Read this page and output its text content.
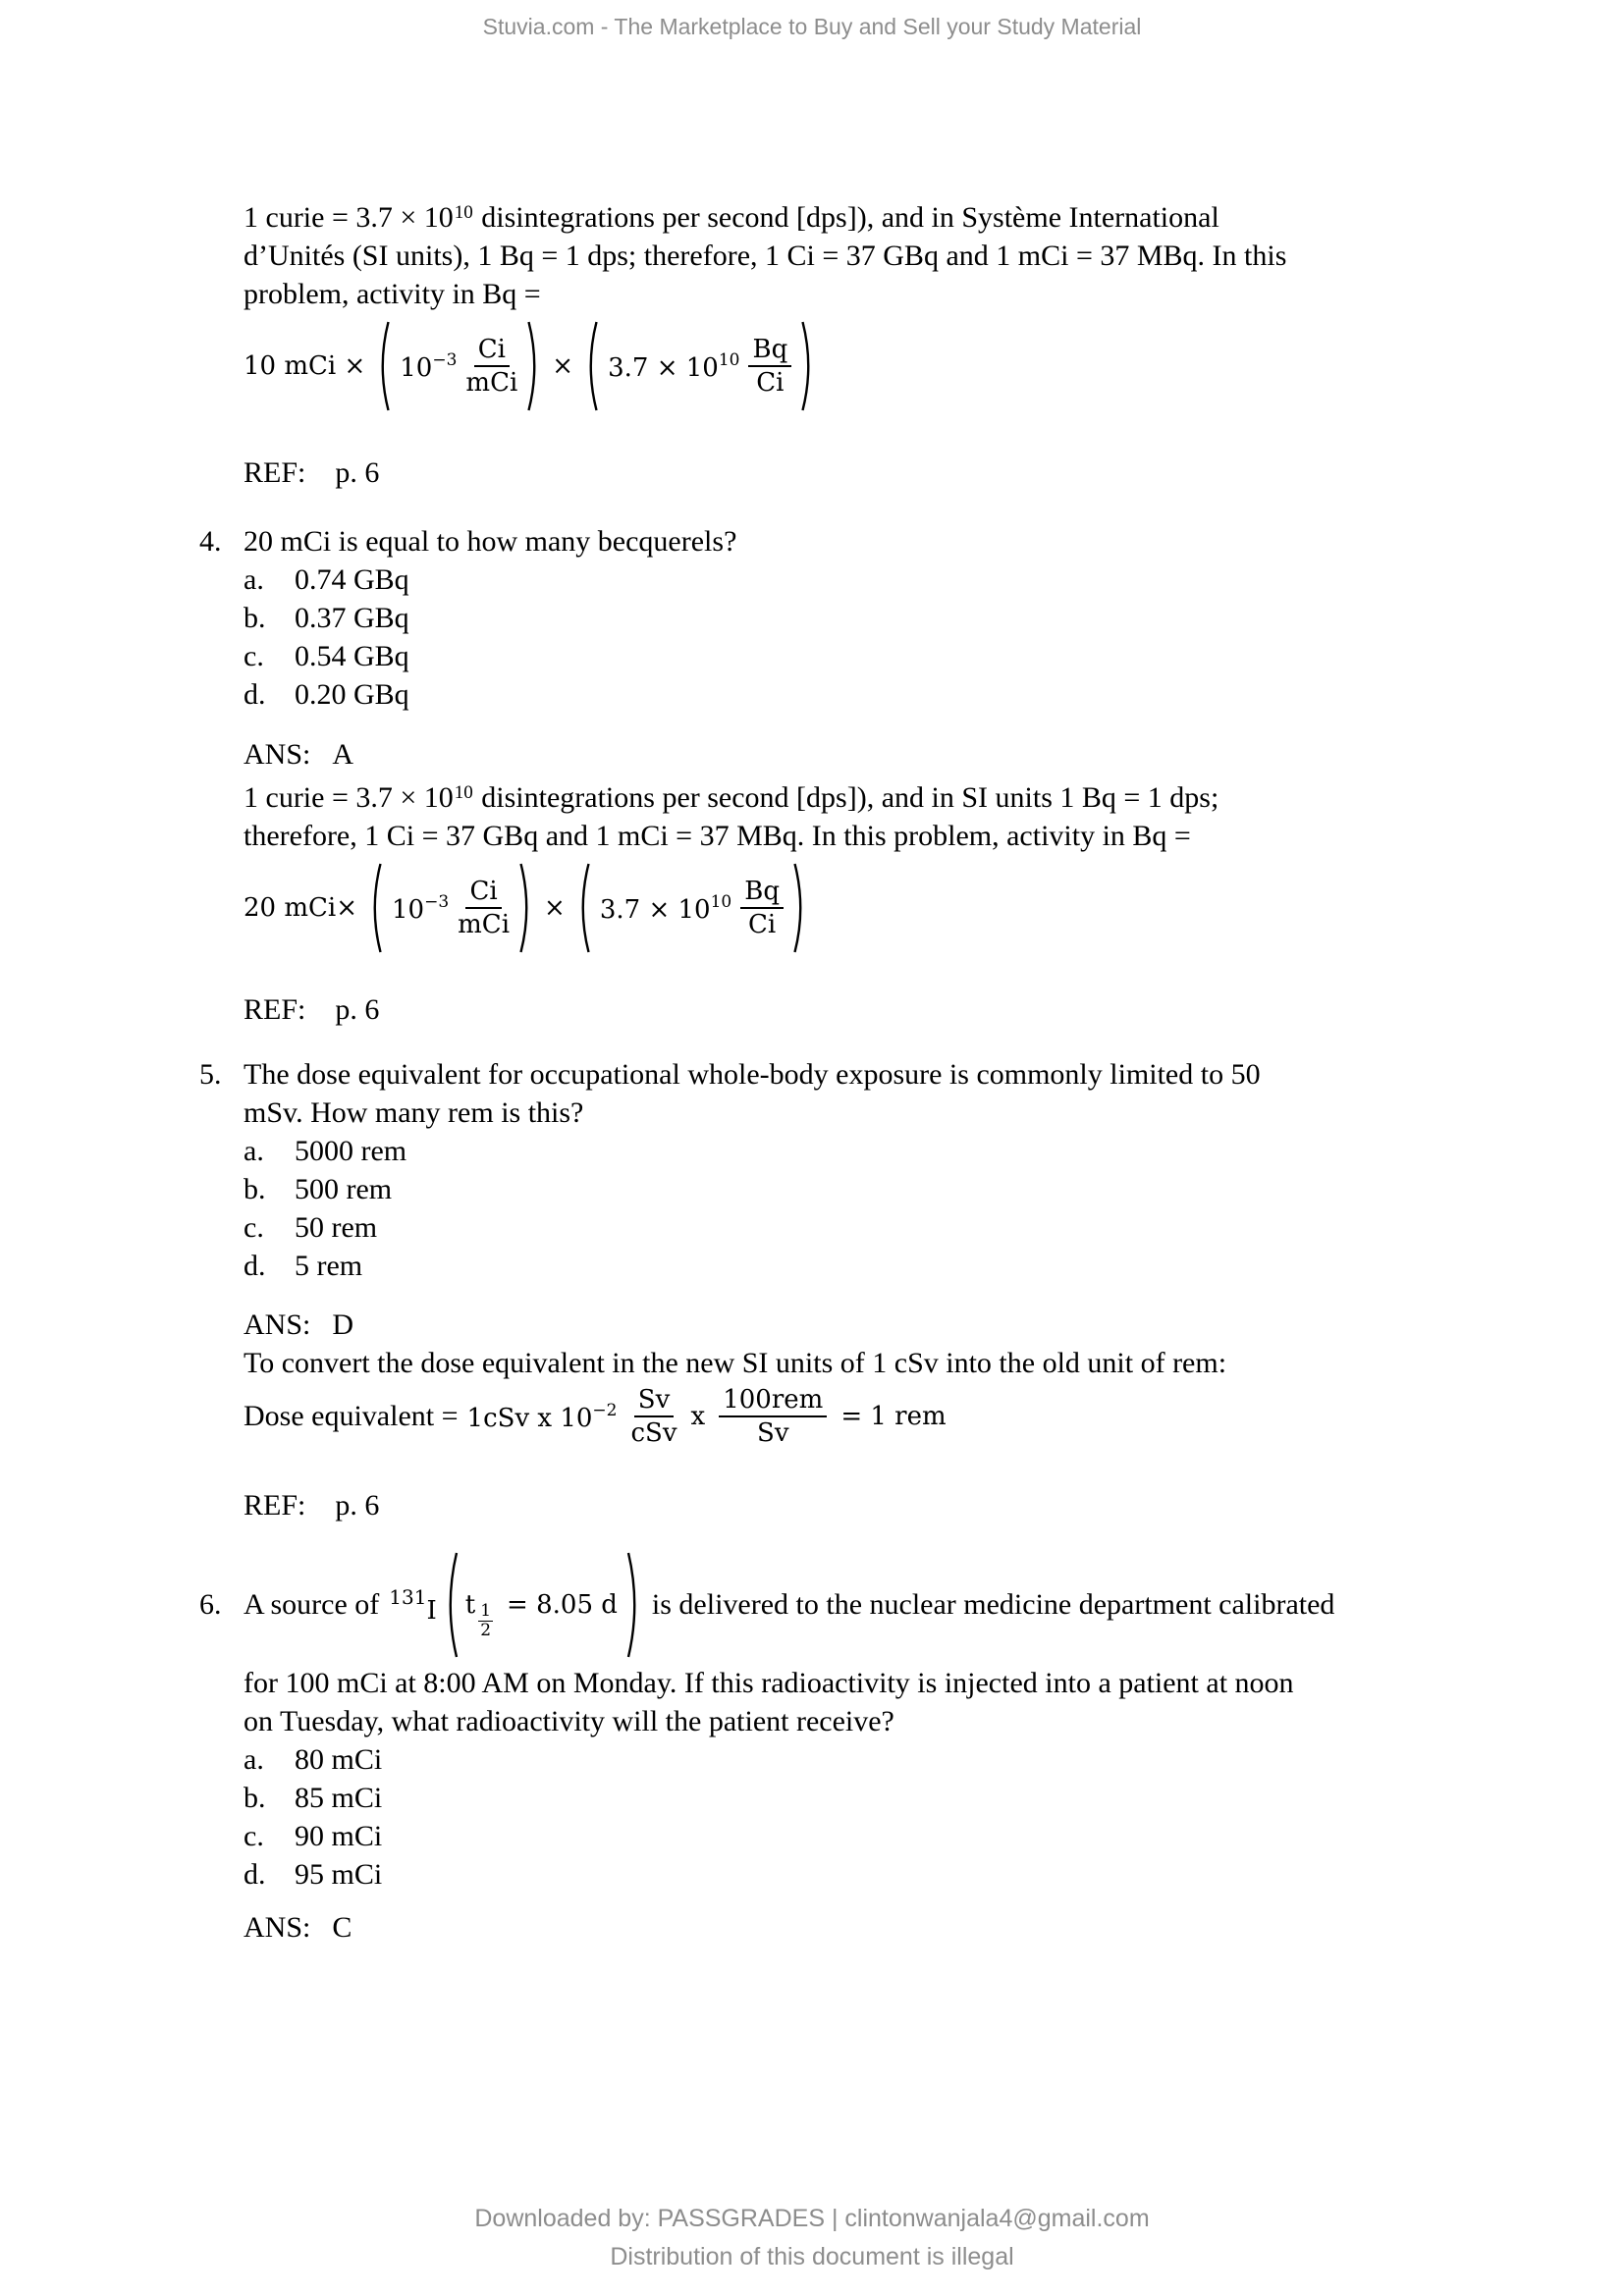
Stuvia.com - The Marketplace to Buy and Sell your Study Material
1 curie = $3.7 \times 10^{10}$ disintegrations per second [dps]), and in Système International
d’Unités (SI units), 1 Bq = 1 dps; therefore, 1 Ci = 37 GBq and 1 mCi = 37 MBq. In this
problem, activity in Bq =
10 mCi × $10^{-3} \frac{Ci}{\text{mCi}} \times 3.7 \times 10^{10} \frac{Bq}{Ci}$
REF: p. 6
4. 20 mCi is equal to how many becquerels?
a.	0.74 GBq
b. 0.37 GBq
c.	0.54 GBq
d. 0.20 GBq
ANS: A
1 curie = $3.7 \times 10^{10}$ disintegrations per second [dps]), and in SI units 1 Bq = 1 dps;
therefore, 1 Ci = 37 GBq and 1 mCi = 37 MBq. In this problem, activity in Bq =
20 $mCi\times 10^{-3} \frac{Ci}{\text{mCi}} \times 3.7 \times 10^{10} \frac{Bq}{Ci}$
REF: p. 6
5. The dose equivalent for occupational whole-body exposure is commonly limited to 50
mSv. How many rem is this?
a.	5000 rem
b. 500 rem
c.	50 rem
d. 5 rem
ANS: D
To convert the dose equivalent in the new SI units of 1 cSv into the old unit of rem:
Dose equivalent = 1cSv x $10^{-2} \frac{Sv}{\text{cSv}}$ x $\frac{\text{100rem}}{Sv} = 1$ rem
REF: p. 6
6. A source of $^{131}$I t $\frac{1}{2} = 8.05$ d is delivered to the nuclear medicine department calibrated
for 100 mCi at 8:00 AM on Monday. If this radioactivity is injected into a patient at noon
on Tuesday, what radioactivity will the patient receive?
a.	80 mCi
b. 85 mCi
c.	90 mCi
d. 95 mCi
ANS: C
Downloaded by: PASSGRADES | clintonwanjala4@gmail.com
Distribution of this document is illegal
